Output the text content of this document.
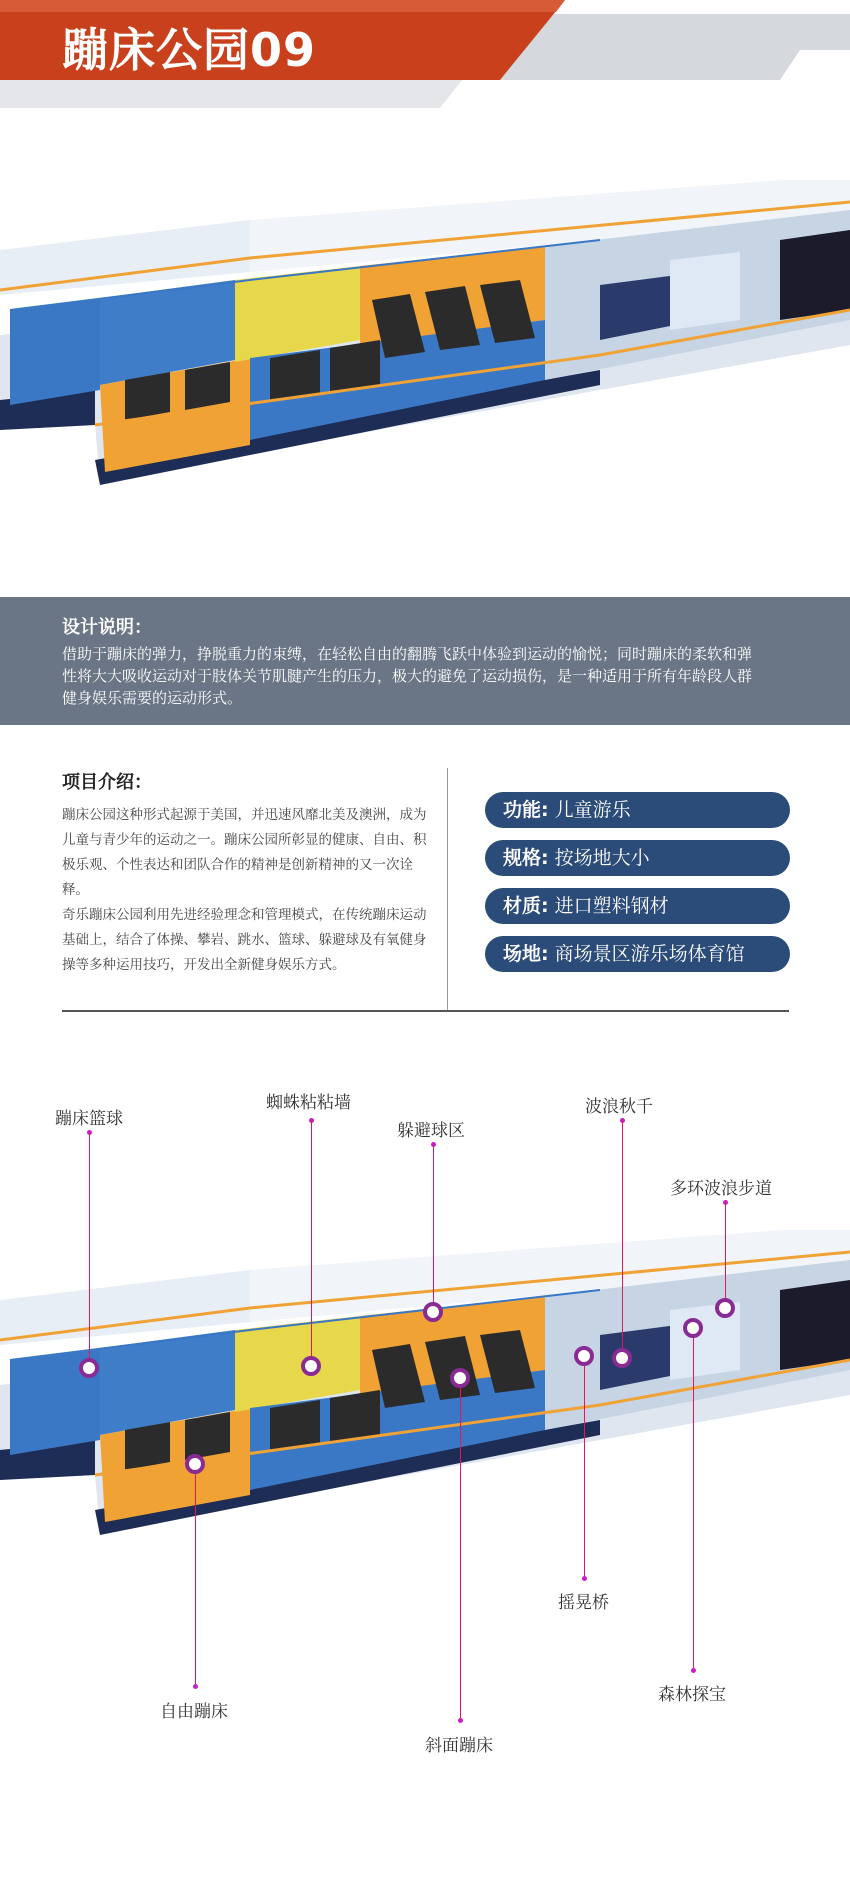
蹦床公园09
设计说明：
借助于蹦床的弹力，挣脱重力的束缚，在轻松自由的翻腾飞跃中体验到运动的愉悦；同时蹦床的柔软和弹性将大大吸收运动对于肢体关节肌腱产生的压力，极大的避免了运动损伤，是一种适用于所有年龄段人群健身娱乐需要的运动形式。
项目介绍：

蹦床公园这种形式起源于美国，并迅速风靡北美及澳洲，成为儿童与青少年的运动之一。蹦床公园所彰显的健康、自由、积极乐观、个性表达和团队合作的精神是创新精神的又一次诠释。

奇乐蹦床公园利用先进经验理念和管理模式，在传统蹦床运动基础上，结合了体操、攀岩、跳水、篮球、躲避球及有氧健身操等多种运用技巧，开发出全新健身娱乐方式。

功能: 儿童游乐
规格: 按场地大小
材质: 进口塑料钢材
场地: 商场景区游乐场体育馆
蹦床篮球
蜘蛛粘粘墙
躲避球区
波浪秋千
多环波浪步道
摇晃桥
森林探宝
自由蹦床
斜面蹦床
